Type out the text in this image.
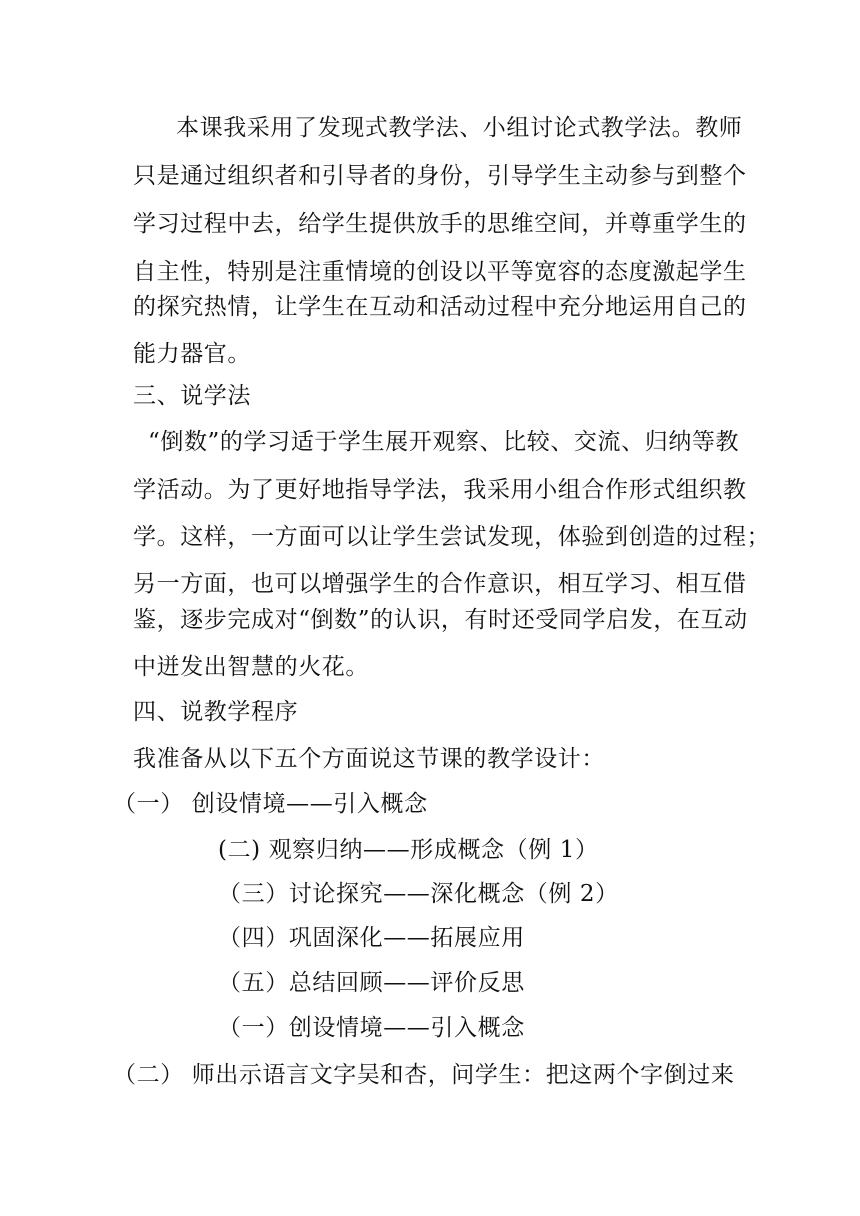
本课我采用了发现式教学法、小组讨论式教学法。教师
只是通过组织者和引导者的身份，引导学生主动参与到整个
学习过程中去，给学生提供放手的思维空间，并尊重学生的
自主性，特别是注重情境的创设以平等宽容的态度激起学生
的探究热情，让学生在互动和活动过程中充分地运用自己的
能力器官。
三、说学法
“倒数”的学习适于学生展开观察、比较、交流、归纳等教
学活动。为了更好地指导学法，我采用小组合作形式组织教
学。这样，一方面可以让学生尝试发现，体验到创造的过程；
另一方面，也可以增强学生的合作意识，相互学习、相互借
鉴，逐步完成对“倒数”的认识，有时还受同学启发，在互动
中迸发出智慧的火花。
四、说教学程序
我准备从以下五个方面说这节课的教学设计：
（一） 创设情境——引入概念
(二) 观察归纳——形成概念（例 1）
（三）讨论探究——深化概念（例 2）
（四）巩固深化——拓展应用
（五）总结回顾——评价反思
（一）创设情境——引入概念
（二） 师出示语言文字吴和杏，问学生：把这两个字倒过来
